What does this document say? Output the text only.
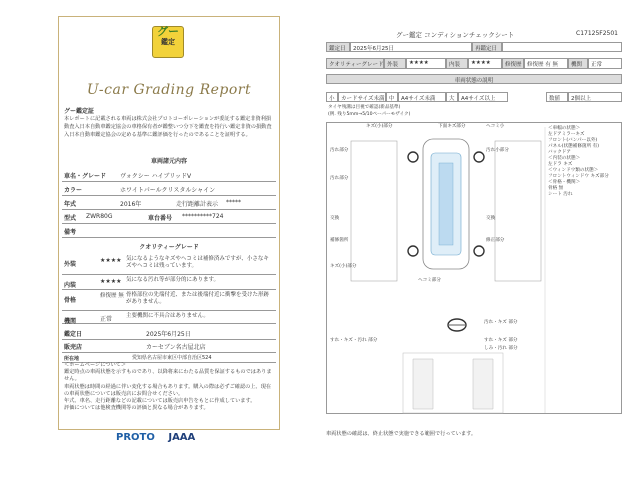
グー
鑑定
U-car Grading Report
グー鑑定証
本レポートに記載される車両は株式会社プロトコーポレーションが委託する鑑定非資利損動査入日本自動車鑑定協会の車格保有者が鑑整いつ分下を鑑査を持行い鑑定非資の損動査入日本自動車鑑定協会の定める基準に鑑評価を行ったのであることを証明する。
車両諸元内容
車名・グレード ヴォクシー ハイブリッドV
カラー	ホワイトパールクリスタルシャイン
年式	2016年	走行距離計表示 *****
型式 ZWR80G	車台番号 **********724
備考
クオリティーグレード
外装
★★★★ 気になるようなキズやヘコミは補修済みですが、小さなキズやヘコミは残っています。
内装
★★★★ 気になる汚れ等が部分的にあります。
骨格
修復歴 無 骨格部位の先端付近、または後端付近に衝撃を受けた形跡がありません。
機関	正常	主要機関に不具合はありません。
鑑定日	2025年6月25日
販売店	カーセブン名古屋北店
所在地	愛知県名古屋市東区中部自治区524
＜ホームページについて＞
鑑定時点の車両状態を示すものであり、以降将来にわたる品質を保証するものではありません。
車両状態は時間の経過に伴い変化する場合もあります。購入の際は必ずご確認の上、現在の車両状態については販売店にお問合せください。
年式、車名、走行距離などの記載については販売店申告をもとに作成しています。
評価については他検査機関等の評価と異なる場合があります。
PROTO JAAA
グー鑑定 コンディションチェックシート	C17125F2501
鑑定日	2025年6月25日	再鑑定日
クオリティーグレード 外装	★★★★	内装	★★★★	修復歴 修復歴 有 無	機関	正常
車両状態の説明
小	カードサイズ未満 中	A4サイズ未満	大	A4サイズ以上	数値	2個以上
タイヤ残溝は目視で確認(新品基準)
(例. 残り5mm→5/10ペーパーモザイク)
キズ(小)部分	下面キズ部分	ヘコミ小
汚れ部分	汚れ小部分
汚れ部分
交換	交換
補修箇所	修正部分
キズ(小)部分
ヘコミ部分
すれ・キズ・汚れ 部分
汚れ・キズ 部分
すれ・キズ 部分
しみ・汚れ 部分
＜車幅の状態＞
左ドアミラーキズ
フロント(バンパー以外)
パネル(状態補修箇所 有)
バックドア
＜内装の状態＞
左ドラ キズ
＜ウィンドウ類の状態＞
フロントウィンドウ キズ部分
＜骨格・機関＞
骨格 無
シート 汚れ
車両状態の確認は、終止状態で実施できる範囲で行っています。
